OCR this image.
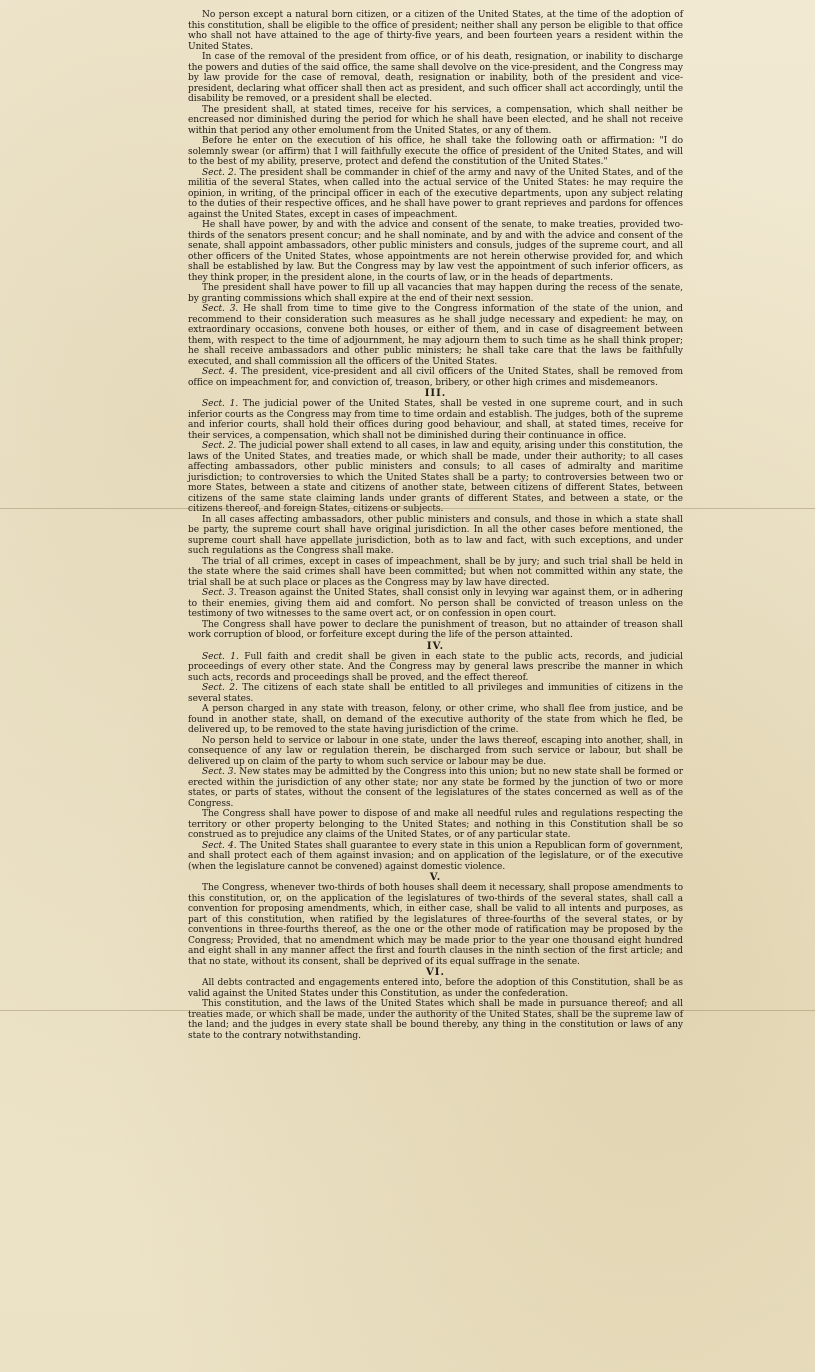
No person except a natural born citizen, or a citizen of the United States, at the time of the adoption of this constitution, shall be eligible to the office of president; neither shall any person be eligible to that office who shall not have attained to the age of thirty-five years, and been fourteen years a resident within the United States.

In case of the removal of the president from office, or of his death, resignation, or inability to discharge the powers and duties of the said office, the same shall devolve on the vice-president, and the Congress may by law provide for the case of removal, death, resignation or inability, both of the president and vice-president, declaring what officer shall then act as president, and such officer shall act accordingly, until the disability be removed, or a president shall be elected.

The president shall, at stated times, receive for his services, a compensation, which shall neither be encreased nor diminished during the period for which he shall have been elected, and he shall not receive within that period any other emolument from the United States, or any of them.

Before he enter on the execution of his office, he shall take the following oath or affirmation: "I do solemnly swear (or affirm) that I will faithfully execute the office of president of the United States, and will to the best of my ability, preserve, protect and defend the constitution of the United States."

Sect. 2. The president shall be commander in chief of the army and navy of the United States, and of the militia of the several States, when called into the actual service of the United States: he may require the opinion, in writing, of the principal officer in each of the executive departments, upon any subject relating to the duties of their respective offices, and he shall have power to grant reprieves and pardons for offences against the United States, except in cases of impeachment.

He shall have power, by and with the advice and consent of the senate, to make treaties, provided two-thirds of the senators present concur; and he shall nominate, and by and with the advice and consent of the senate, shall appoint ambassadors, other public ministers and consuls, judges of the supreme court, and all other officers of the United States, whose appointments are not herein otherwise provided for, and which shall be established by law. But the Congress may by law vest the appointment of such inferior officers, as they think proper, in the president alone, in the courts of law, or in the heads of departments.

The president shall have power to fill up all vacancies that may happen during the recess of the senate, by granting commissions which shall expire at the end of their next session.

Sect. 3. He shall from time to time give to the Congress information of the state of the union, and recommend to their consideration such measures as he shall judge necessary and expedient: he may, on extraordinary occasions, convene both houses, or either of them, and in case of disagreement between them, with respect to the time of adjournment, he may adjourn them to such time as he shall think proper; he shall receive ambassadors and other public ministers; he shall take care that the laws be faithfully executed, and shall commission all the officers of the United States.

Sect. 4. The president, vice-president and all civil officers of the United States, shall be removed from office on impeachment for, and conviction of, treason, bribery, or other high crimes and misdemeanors.

III.

Sect. 1. The judicial power of the United States, shall be vested in one supreme court, and in such inferior courts as the Congress may from time to time ordain and establish. The judges, both of the supreme and inferior courts, shall hold their offices during good behaviour, and shall, at stated times, receive for their services, a compensation, which shall not be diminished during their continuance in office.

Sect. 2. The judicial power shall extend to all cases, in law and equity, arising under this constitution, the laws of the United States, and treaties made, or which shall be made, under their authority; to all cases affecting ambassadors, other public ministers and consuls; to all cases of admiralty and maritime jurisdiction; to controversies to which the United States shall be a party; to controversies between two or more States, between a state and citizens of another state, between citizens of different States, between citizens of the same state claiming lands under grants of different States, and between a state, or the citizens thereof, and foreign States, citizens or subjects.

In all cases affecting ambassadors, other public ministers and consuls, and those in which a state shall be party, the supreme court shall have original jurisdiction. In all the other cases before mentioned, the supreme court shall have appellate jurisdiction, both as to law and fact, with such exceptions, and under such regulations as the Congress shall make.

The trial of all crimes, except in cases of impeachment, shall be by jury; and such trial shall be held in the state where the said crimes shall have been committed; but when not committed within any state, the trial shall be at such place or places as the Congress may by law have directed.

Sect. 3. Treason against the United States, shall consist only in levying war against them, or in adhering to their enemies, giving them aid and comfort. No person shall be convicted of treason unless on the testimony of two witnesses to the same overt act, or on confession in open court.

The Congress shall have power to declare the punishment of treason, but no attainder of treason shall work corruption of blood, or forfeiture except during the life of the person attainted.

IV.

Sect. 1. Full faith and credit shall be given in each state to the public acts, records, and judicial proceedings of every other state. And the Congress may by general laws prescribe the manner in which such acts, records and proceedings shall be proved, and the effect thereof.

Sect. 2. The citizens of each state shall be entitled to all privileges and immunities of citizens in the several states.

A person charged in any state with treason, felony, or other crime, who shall flee from justice, and be found in another state, shall, on demand of the executive authority of the state from which he fled, be delivered up, to be removed to the state having jurisdiction of the crime.

No person held to service or labour in one state, under the laws thereof, escaping into another, shall, in consequence of any law or regulation therein, be discharged from such service or labour, but shall be delivered up on claim of the party to whom such service or labour may be due.

Sect. 3. New states may be admitted by the Congress into this union; but no new state shall be formed or erected within the jurisdiction of any other state; nor any state be formed by the junction of two or more states, or parts of states, without the consent of the legislatures of the states concerned as well as of the Congress.

The Congress shall have power to dispose of and make all needful rules and regulations respecting the territory or other property belonging to the United States; and nothing in this Constitution shall be so construed as to prejudice any claims of the United States, or of any particular state.

Sect. 4. The United States shall guarantee to every state in this union a Republican form of government, and shall protect each of them against invasion; and on application of the legislature, or of the executive (when the legislature cannot be convened) against domestic violence.

V.

The Congress, whenever two-thirds of both houses shall deem it necessary, shall propose amendments to this constitution, or, on the application of the legislatures of two-thirds of the several states, shall call a convention for proposing amendments, which, in either case, shall be valid to all intents and purposes, as part of this constitution, when ratified by the legislatures of three-fourths of the several states, or by conventions in three-fourths thereof, as the one or the other mode of ratification may be proposed by the Congress; Provided, that no amendment which may be made prior to the year one thousand eight hundred and eight shall in any manner affect the first and fourth clauses in the ninth section of the first article; and that no state, without its consent, shall be deprived of its equal suffrage in the senate.

VI.

All debts contracted and engagements entered into, before the adoption of this Constitution, shall be as valid against the United States under this Constitution, as under the confederation.

This constitution, and the laws of the United States which shall be made in pursuance thereof; and all treaties made, or which shall be made, under the authority of the United States, shall be the supreme law of the land; and the judges in every state shall be bound thereby, any thing in the constitution or laws of any state to the contrary notwithstanding.
